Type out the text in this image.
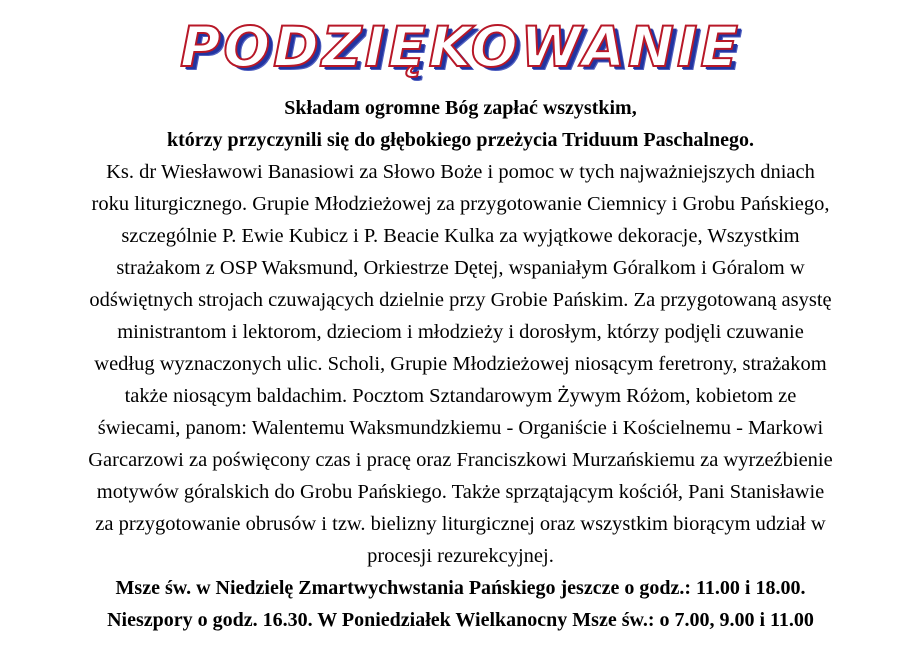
PODZIĘKOWANIE

Składam ogromne Bóg zapłać wszystkim,

którzy przyczynili się do głębokiego przeżycia Triduum Paschalnego.

Ks. dr Wiesławowi Banasiowi za Słowo Boże i pomoc w tych najważniejszych dniach

roku liturgicznego. Grupie Młodzieżowej za przygotowanie Ciemnicy i Grobu Pańskiego,

szczególnie P. Ewie Kubicz i P. Beacie Kulka za wyjątkowe dekoracje, Wszystkim

strażakom z OSP Waksmund, Orkiestrze Dętej, wspaniałym Góralkom i Góralom w

odświętnych strojach czuwających dzielnie przy Grobie Pańskim. Za przygotowaną asystę

ministrantom i lektorom, dzieciom i młodzieży i dorosłym, którzy podjęli czuwanie

według wyznaczonych ulic. Scholi, Grupie Młodzieżowej niosącym feretrony, strażakom

także niosącym baldachim. Pocztom Sztandarowym Żywym Różom, kobietom ze

świecami, panom: Walentemu Waksmundzkiemu - Organiście i Kościelnemu - Markowi

Garcarzowi za poświęcony czas i pracę oraz Franciszkowi Murzańskiemu za wyrzeźbienie

motywów góralskich do Grobu Pańskiego. Także sprzątającym kościół, Pani Stanisławie

za przygotowanie obrusów i tzw. bielizny liturgicznej oraz wszystkim biorącym udział w

procesji rezurekcyjnej.

Msze św. w Niedzielę Zmartwychwstania Pańskiego jeszcze o godz.: 11.00 i 18.00.

Nieszpory o godz. 16.30. W Poniedziałek Wielkanocny Msze św.: o 7.00, 9.00 i 11.00
